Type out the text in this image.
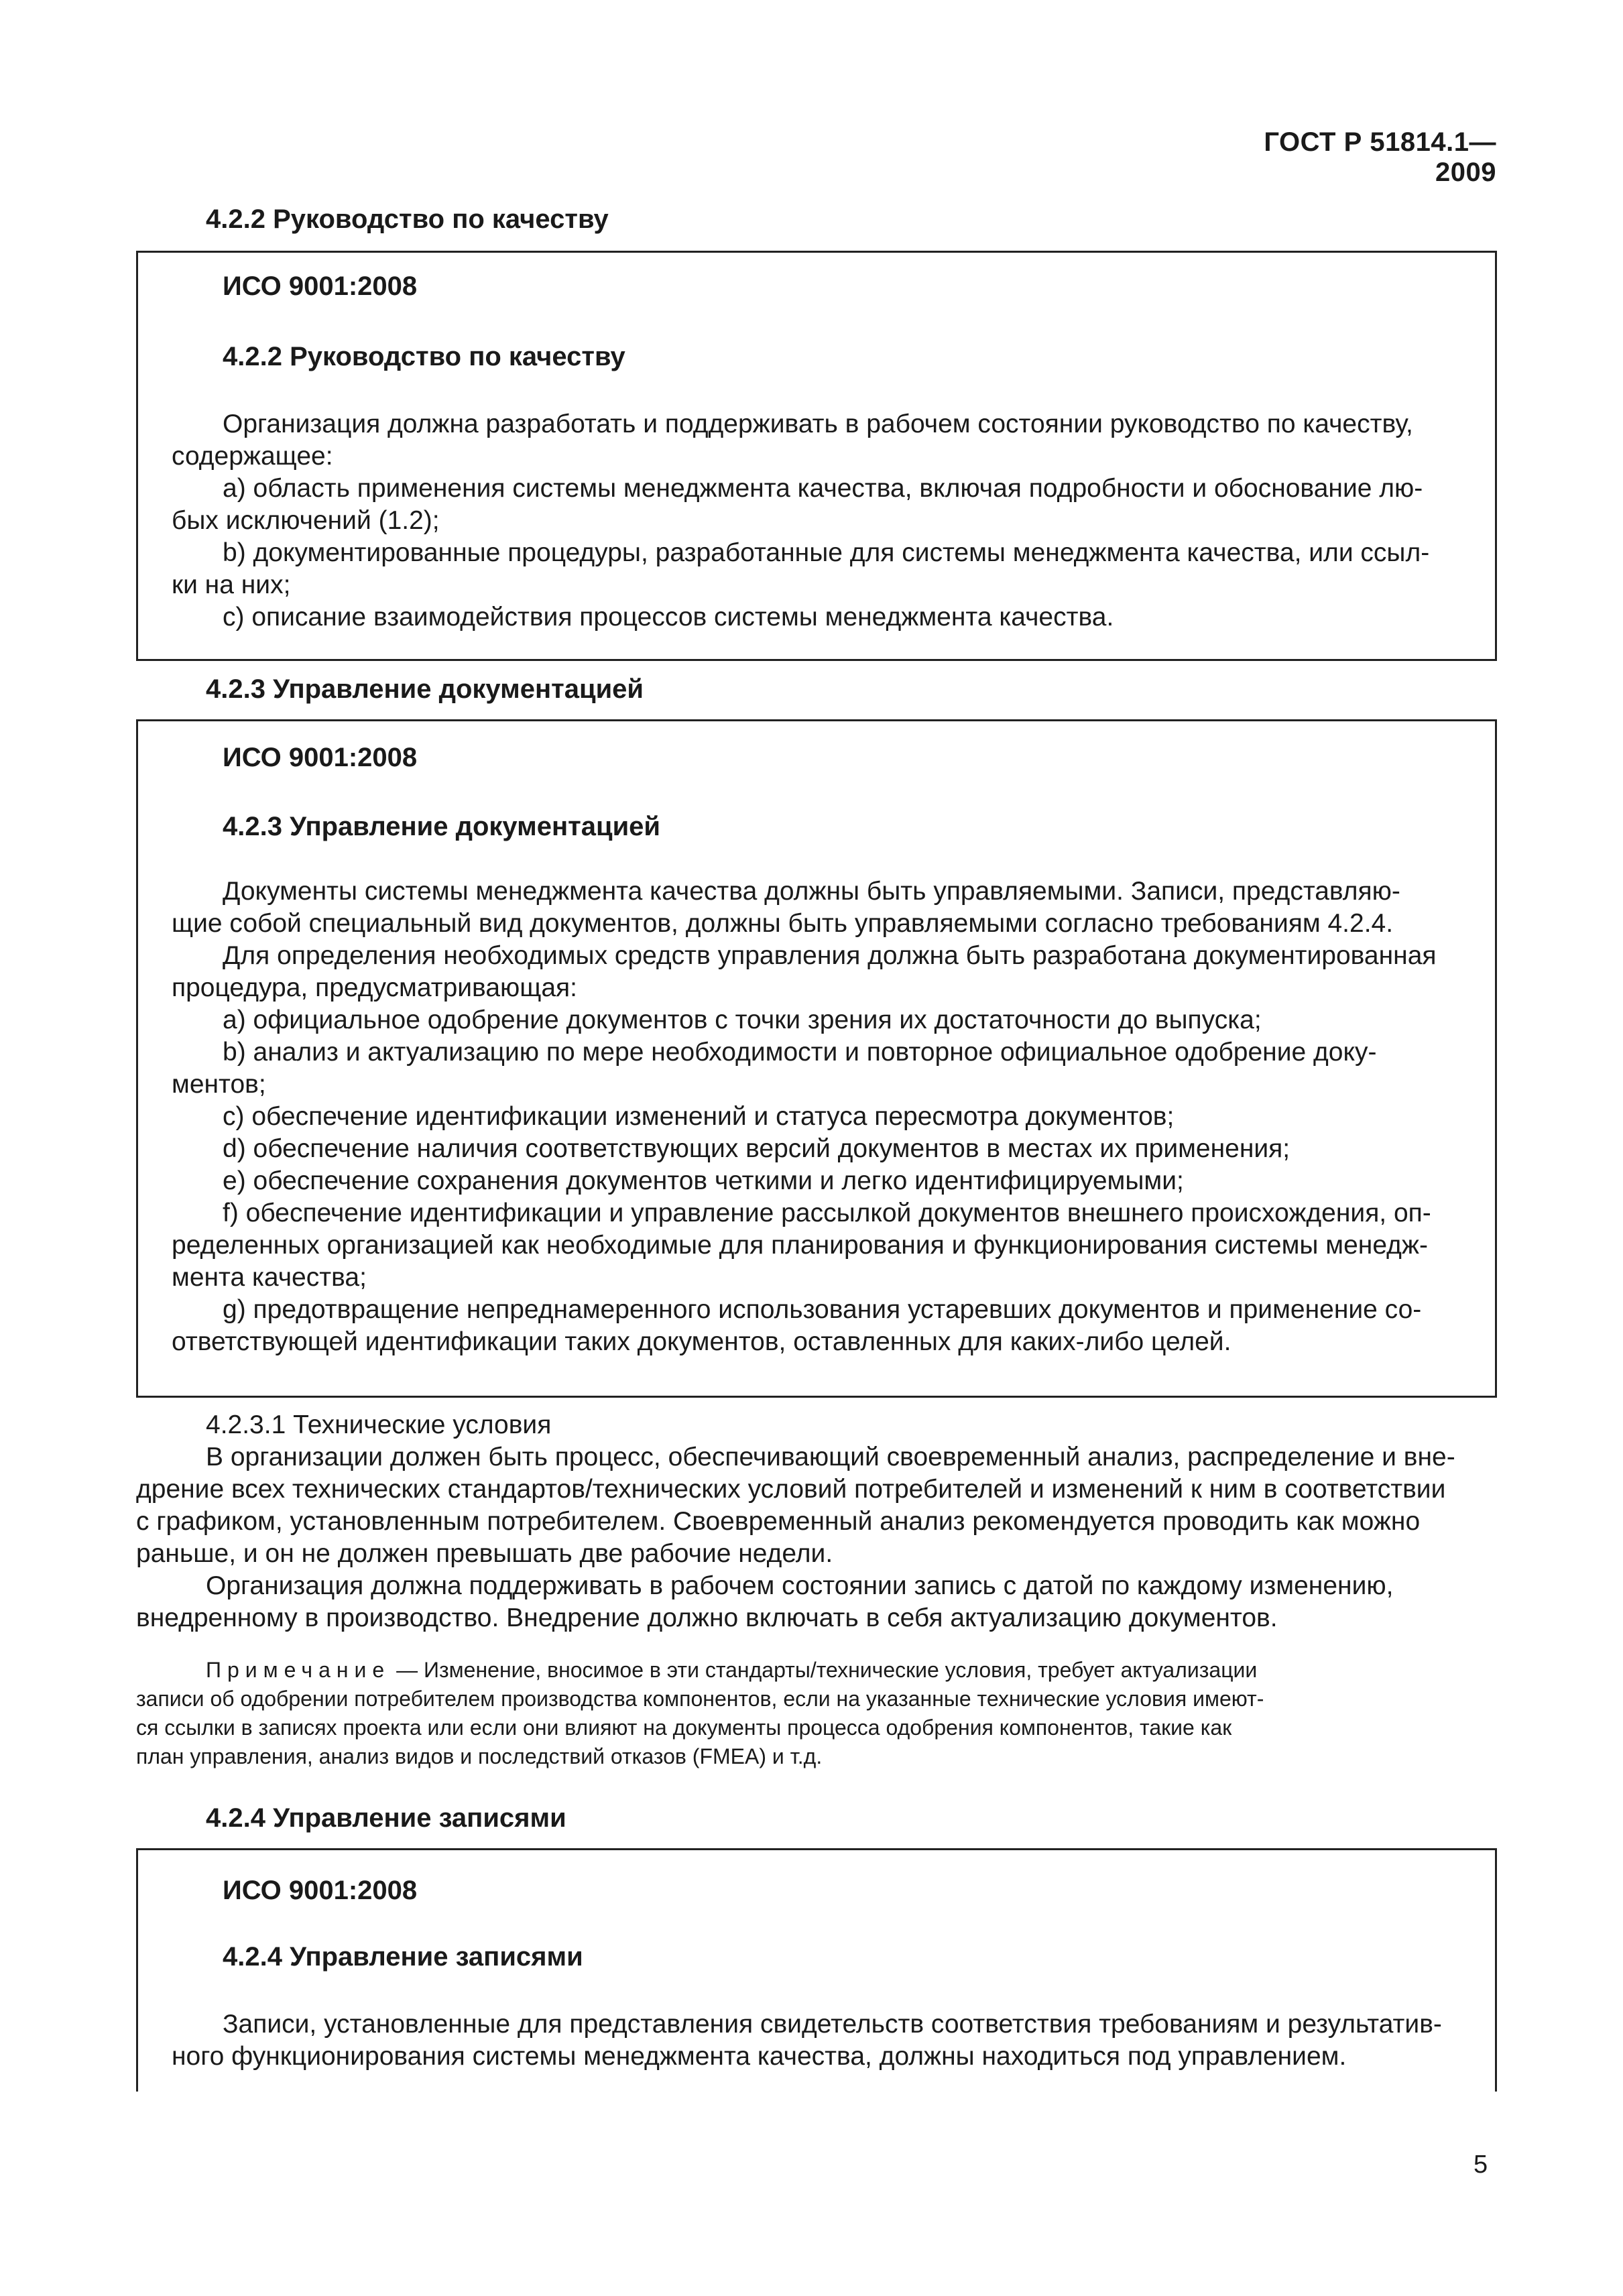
ГОСТ Р 51814.1—2009
4.2.2 Руководство по качеству
ИСО 9001:2008
4.2.2 Руководство по качеству
Организация должна разработать и поддерживать в рабочем состоянии руководство по качеству,
содержащее:
a) область применения системы менеджмента качества, включая подробности и обоснование лю-
бых исключений (1.2);
b) документированные процедуры, разработанные для системы менеджмента качества, или ссыл-
ки на них;
c) описание взаимодействия процессов системы менеджмента качества.
4.2.3 Управление документацией
ИСО 9001:2008
4.2.3 Управление документацией
Документы системы менеджмента качества должны быть управляемыми. Записи, представляю-
щие собой специальный вид документов, должны быть управляемыми согласно требованиям 4.2.4.
Для определения необходимых средств управления должна быть разработана документированная
процедура, предусматривающая:
a) официальное одобрение документов с точки зрения их достаточности до выпуска;
b) анализ и актуализацию по мере необходимости и повторное официальное одобрение доку-
ментов;
c) обеспечение идентификации изменений и статуса пересмотра документов;
d) обеспечение наличия соответствующих версий документов в местах их применения;
e) обеспечение сохранения документов четкими и легко идентифицируемыми;
f) обеспечение идентификации и управление рассылкой документов внешнего происхождения, оп-
ределенных организацией как необходимые для планирования и функционирования системы менедж-
мента качества;
g) предотвращение непреднамеренного использования устаревших документов и применение со-
ответствующей идентификации таких документов, оставленных для каких-либо целей.
4.2.3.1 Технические условия
В организации должен быть процесс, обеспечивающий своевременный анализ, распределение и вне-
дрение всех технических стандартов/технических условий потребителей и изменений к ним в соответствии
с графиком, установленным потребителем. Своевременный анализ рекомендуется проводить как можно
раньше, и он не должен превышать две рабочие недели.
Организация должна поддерживать в рабочем состоянии запись с датой по каждому изменению,
внедренному в производство. Внедрение должно включать в себя актуализацию документов.
Примечание — Изменение, вносимое в эти стандарты/технические условия, требует актуализации
записи об одобрении потребителем производства компонентов, если на указанные технические условия имеют-
ся ссылки в записях проекта или если они влияют на документы процесса одобрения компонентов, такие как
план управления, анализ видов и последствий отказов (FMEA) и т.д.
4.2.4 Управление записями
ИСО 9001:2008
4.2.4 Управление записями
Записи, установленные для представления свидетельств соответствия требованиям и результатив-
ного функционирования системы менеджмента качества, должны находиться под управлением.
5
